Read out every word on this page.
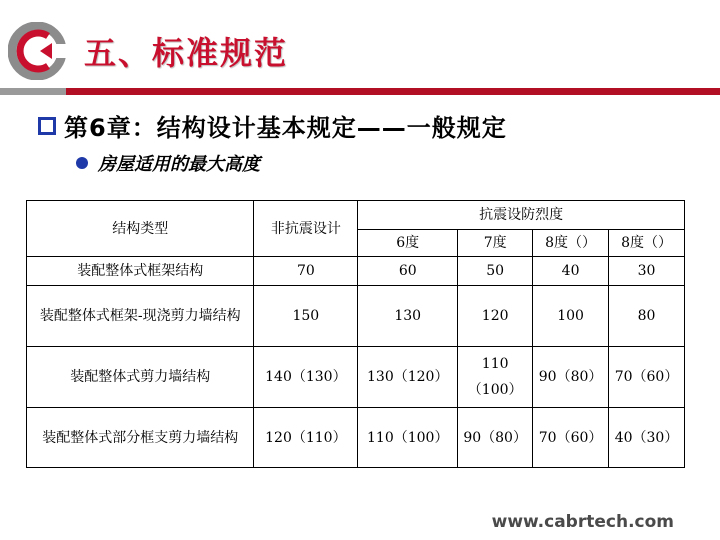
五、标准规范
第6章：结构设计基本规定——一般规定
房屋适用的最大高度
结构类型	非抗震设计	抗震设防烈度			
		6度	7度	8度（）	8度（）
装配整体式框架结构	70	60	50	40	30
装配整体式框架-现浇剪力墙结构	150	130	120	100	80
装配整体式剪力墙结构	140（130）	130（120）	110（100）	90（80）	70（60）
装配整体式部分框支剪力墙结构	120（110）	110（100）	90（80）	70（60）	40（30）
www.cabrtech.com
